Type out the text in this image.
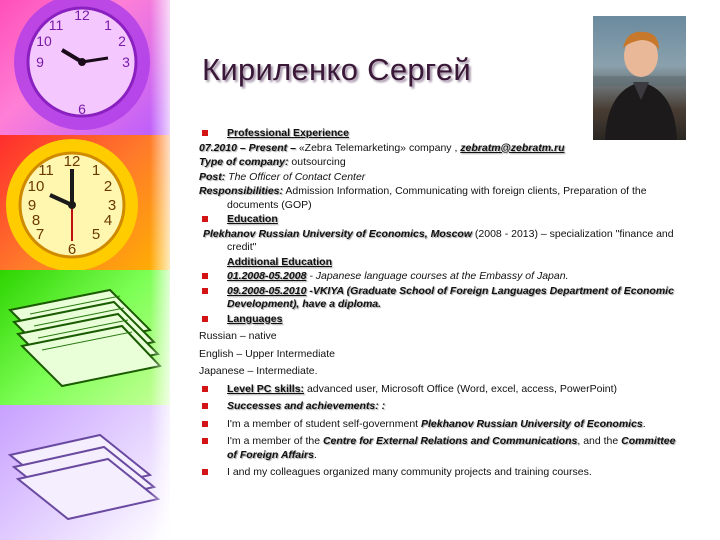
12
3
6
9
1
2
11
10
12
3
6
9
1
2
11
10
7	5
4
8
Кириленко Сергей
Professional Experience
07.2010 – Present – «Zebra Telemarketing» company , zebratm@zebratm.ru
Type of company: outsourcing
Post: The Officer of Contact Center
Responsibilities: Admission Information, Communicating with foreign clients, Preparation of the documents (GOP)
Education
Plekhanov Russian University of Economics, Moscow (2008 - 2013) – specialization "finance and credit"
Additional Education
01.2008-05.2008 - Japanese language courses at the Embassy of Japan.
09.2008-05.2010 -VKIYA (Graduate School of Foreign Languages Department of Economic Development), have a diploma.
Languages
Russian – native
English – Upper Intermediate
Japanese – Intermediate.
Level PC skills: advanced user, Microsoft Office (Word, excel, access, PowerPoint)
Successes and achievements: :
I'm a member of student self-government Plekhanov Russian University of Economics.
I'm a member of the Centre for External Relations and Communications, and the Committee of Foreign Affairs.
I and my colleagues organized many community projects and training courses.
